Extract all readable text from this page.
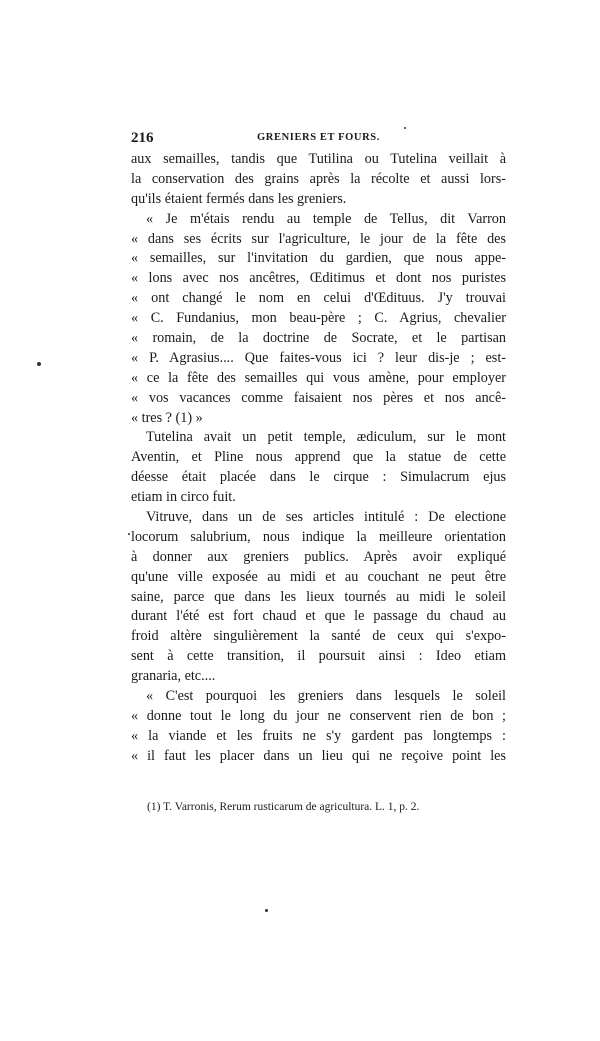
216	GRENIERS ET FOURS.
aux semailles, tandis que Tutilina ou Tutelina veillait à
la conservation des grains après la récolte et aussi lors-
qu'ils étaient fermés dans les greniers.
« Je m'étais rendu au temple de Tellus, dit Varron
« dans ses écrits sur l'agriculture, le jour de la fête des
« semailles, sur l'invitation du gardien, que nous appe-
« lons avec nos ancêtres, Œditimus et dont nos puristes
« ont changé le nom en celui d'Œdituus. J'y trouvai
« C. Fundanius, mon beau-père ; C. Agrius, chevalier
« romain, de la doctrine de Socrate, et le partisan
« P. Agrasius.... Que faites-vous ici ? leur dis-je ; est-
« ce la fête des semailles qui vous amène, pour employer
« vos vacances comme faisaient nos pères et nos ancê-
« tres ? (1) »
Tutelina avait un petit temple, ædiculum, sur le mont
Aventin, et Pline nous apprend que la statue de cette
déesse était placée dans le cirque : Simulacrum ejus
etiam in circo fuit.
Vitruve, dans un de ses articles intitulé : De electione
locorum salubrium, nous indique la meilleure orientation
à donner aux greniers publics. Après avoir expliqué
qu'une ville exposée au midi et au couchant ne peut être
saine, parce que dans les lieux tournés au midi le soleil
durant l'été est fort chaud et que le passage du chaud au
froid altère singulièrement la santé de ceux qui s'expo-
sent à cette transition, il poursuit ainsi : Ideo etiam
granaria, etc....
« C'est pourquoi les greniers dans lesquels le soleil
« donne tout le long du jour ne conservent rien de bon ;
« la viande et les fruits ne s'y gardent pas longtemps :
« il faut les placer dans un lieu qui ne reçoive point les
(1) T. Varronis, Rerum rusticarum de agricultura. L. 1, p. 2.
